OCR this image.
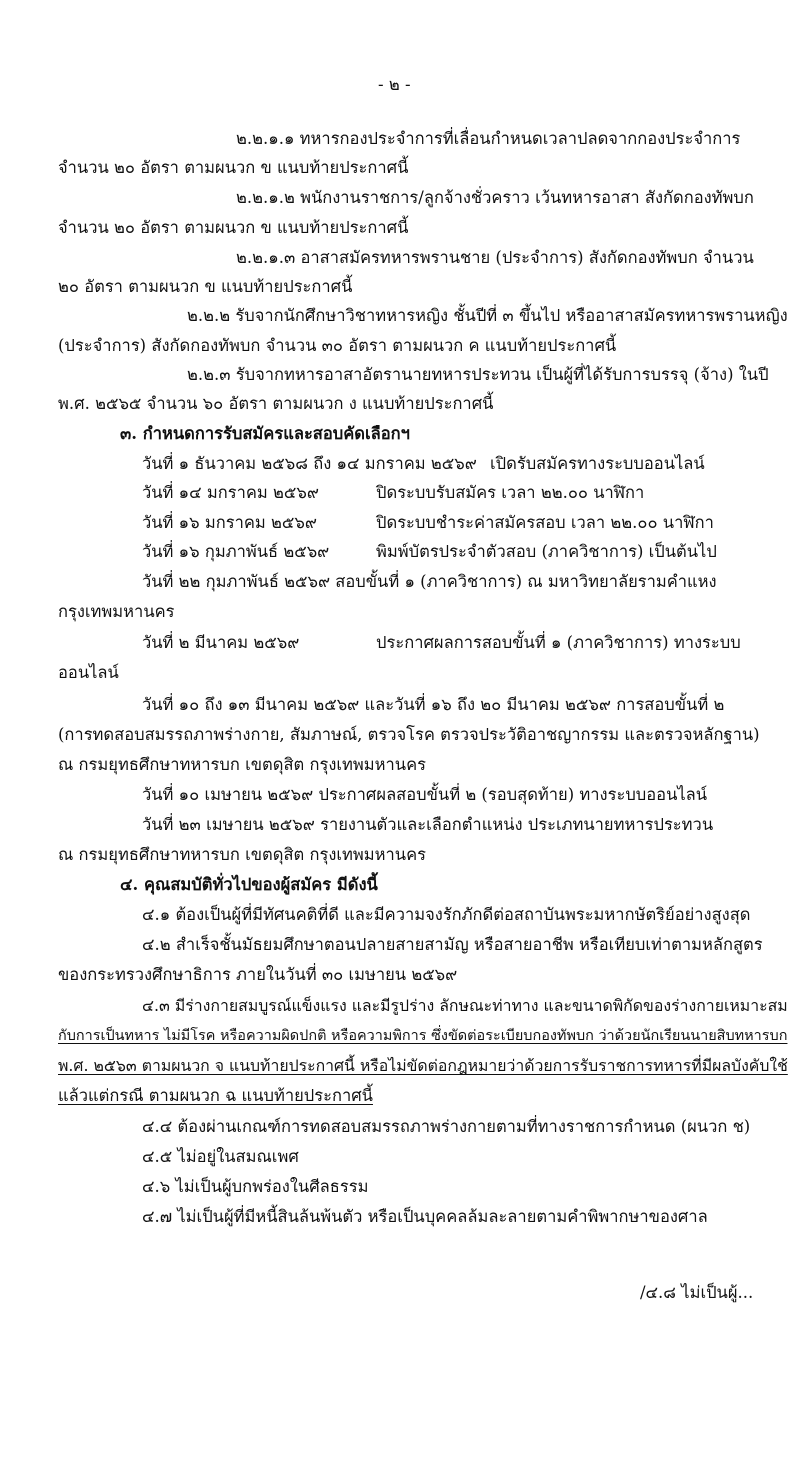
- ๒ -
๒.๒.๑.๑ ทหารกองประจำการที่เลื่อนกำหนดเวลาปลดจากกองประจำการ
จำนวน ๒๐ อัตรา ตามผนวก ข แนบท้ายประกาศนี้
๒.๒.๑.๒ พนักงานราชการ/ลูกจ้างชั่วคราว เว้นทหารอาสา สังกัดกองทัพบก
จำนวน ๒๐ อัตรา ตามผนวก ข แนบท้ายประกาศนี้
๒.๒.๑.๓ อาสาสมัครทหารพรานชาย (ประจำการ) สังกัดกองทัพบก จำนวน
๒๐ อัตรา ตามผนวก ข แนบท้ายประกาศนี้
๒.๒.๒ รับจากนักศึกษาวิชาทหารหญิง ชั้นปีที่ ๓ ขึ้นไป หรืออาสาสมัครทหารพรานหญิง
(ประจำการ) สังกัดกองทัพบก จำนวน ๓๐ อัตรา ตามผนวก ค แนบท้ายประกาศนี้
๒.๒.๓ รับจากทหารอาสาอัตรานายทหารประทวน เป็นผู้ที่ได้รับการบรรจุ (จ้าง) ในปี
พ.ศ. ๒๕๖๕ จำนวน ๖๐ อัตรา ตามผนวก ง แนบท้ายประกาศนี้
๓. กำหนดการรับสมัครและสอบคัดเลือกฯ
วันที่ ๑ ธันวาคม ๒๕๖๘ ถึง ๑๔ มกราคม ๒๕๖๙ เปิดรับสมัครทางระบบออนไลน์
วันที่ ๑๔ มกราคม ๒๕๖๙	ปิดระบบรับสมัคร เวลา ๒๒.๐๐ นาฬิกา
วันที่ ๑๖ มกราคม ๒๕๖๙	ปิดระบบชำระค่าสมัครสอบ เวลา ๒๒.๐๐ นาฬิกา
วันที่ ๑๖ กุมภาพันธ์ ๒๕๖๙	พิมพ์บัตรประจำตัวสอบ (ภาควิชาการ) เป็นต้นไป
วันที่ ๒๒ กุมภาพันธ์ ๒๕๖๙ สอบขั้นที่ ๑ (ภาควิชาการ) ณ มหาวิทยาลัยรามคำแหง
กรุงเทพมหานคร
วันที่ ๒ มีนาคม ๒๕๖๙	ประกาศผลการสอบขั้นที่ ๑ (ภาควิชาการ) ทางระบบ
ออนไลน์
วันที่ ๑๐ ถึง ๑๓ มีนาคม ๒๕๖๙ และวันที่ ๑๖ ถึง ๒๐ มีนาคม ๒๕๖๙ การสอบขั้นที่ ๒
(การทดสอบสมรรถภาพร่างกาย, สัมภาษณ์, ตรวจโรค ตรวจประวัติอาชญากรรม และตรวจหลักฐาน)
ณ กรมยุทธศึกษาทหารบก เขตดุสิต กรุงเทพมหานคร
วันที่ ๑๐ เมษายน ๒๕๖๙ ประกาศผลสอบขั้นที่ ๒ (รอบสุดท้าย) ทางระบบออนไลน์
วันที่ ๒๓ เมษายน ๒๕๖๙ รายงานตัวและเลือกตำแหน่ง ประเภทนายทหารประทวน
ณ กรมยุทธศึกษาทหารบก เขตดุสิต กรุงเทพมหานคร
๔. คุณสมบัติทั่วไปของผู้สมัคร มีดังนี้
๔.๑ ต้องเป็นผู้ที่มีทัศนคติที่ดี และมีความจงรักภักดีต่อสถาบันพระมหากษัตริย์อย่างสูงสุด
๔.๒ สำเร็จชั้นมัธยมศึกษาตอนปลายสายสามัญ หรือสายอาชีพ หรือเทียบเท่าตามหลักสูตร
ของกระทรวงศึกษาธิการ ภายในวันที่ ๓๐ เมษายน ๒๕๖๙
๔.๓ มีร่างกายสมบูรณ์แข็งแรง และมีรูปร่าง ลักษณะท่าทาง และขนาดพิกัดของร่างกายเหมาะสม
กับการเป็นทหาร ไม่มีโรค หรือความผิดปกติ หรือความพิการ ซึ่งขัดต่อระเบียบกองทัพบก ว่าด้วยนักเรียนนายสิบทหารบก
พ.ศ. ๒๕๖๓ ตามผนวก จ แนบท้ายประกาศนี้ หรือไม่ขัดต่อกฎหมายว่าด้วยการรับราชการทหารที่มีผลบังคับใช้
แล้วแต่กรณี ตามผนวก ฉ แนบท้ายประกาศนี้
๔.๔ ต้องผ่านเกณฑ์การทดสอบสมรรถภาพร่างกายตามที่ทางราชการกำหนด (ผนวก ช)
๔.๕ ไม่อยู่ในสมณเพศ
๔.๖ ไม่เป็นผู้บกพร่องในศีลธรรม
๔.๗ ไม่เป็นผู้ที่มีหนี้สินล้นพ้นตัว หรือเป็นบุคคลล้มละลายตามคำพิพากษาของศาล
/๔.๘ ไม่เป็นผู้...
